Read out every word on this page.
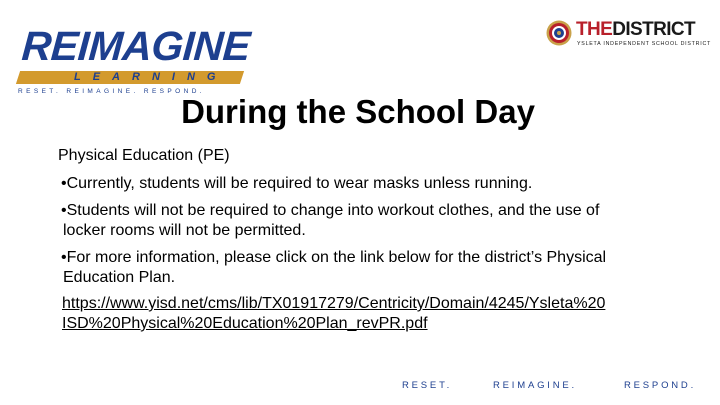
REIMAGINE
LEARNING
RESET. REIMAGINE. RESPOND.
THEDISTRICT
YSLETA INDEPENDENT SCHOOL DISTRICT
During the School Day

Physical Education (PE)

•Currently, students will be required to wear masks unless running.
•Students will not be required to change into workout clothes, and the use of
locker rooms will not be permitted.
•For more information, please click on the link below for the district’s Physical
Education Plan.
https://www.yisd.net/cms/lib/TX01917279/Centricity/Domain/4245/Ysleta%20
ISD%20Physical%20Education%20Plan_revPR.pdf
RESET.	REIMAGINE.	RESPOND.
